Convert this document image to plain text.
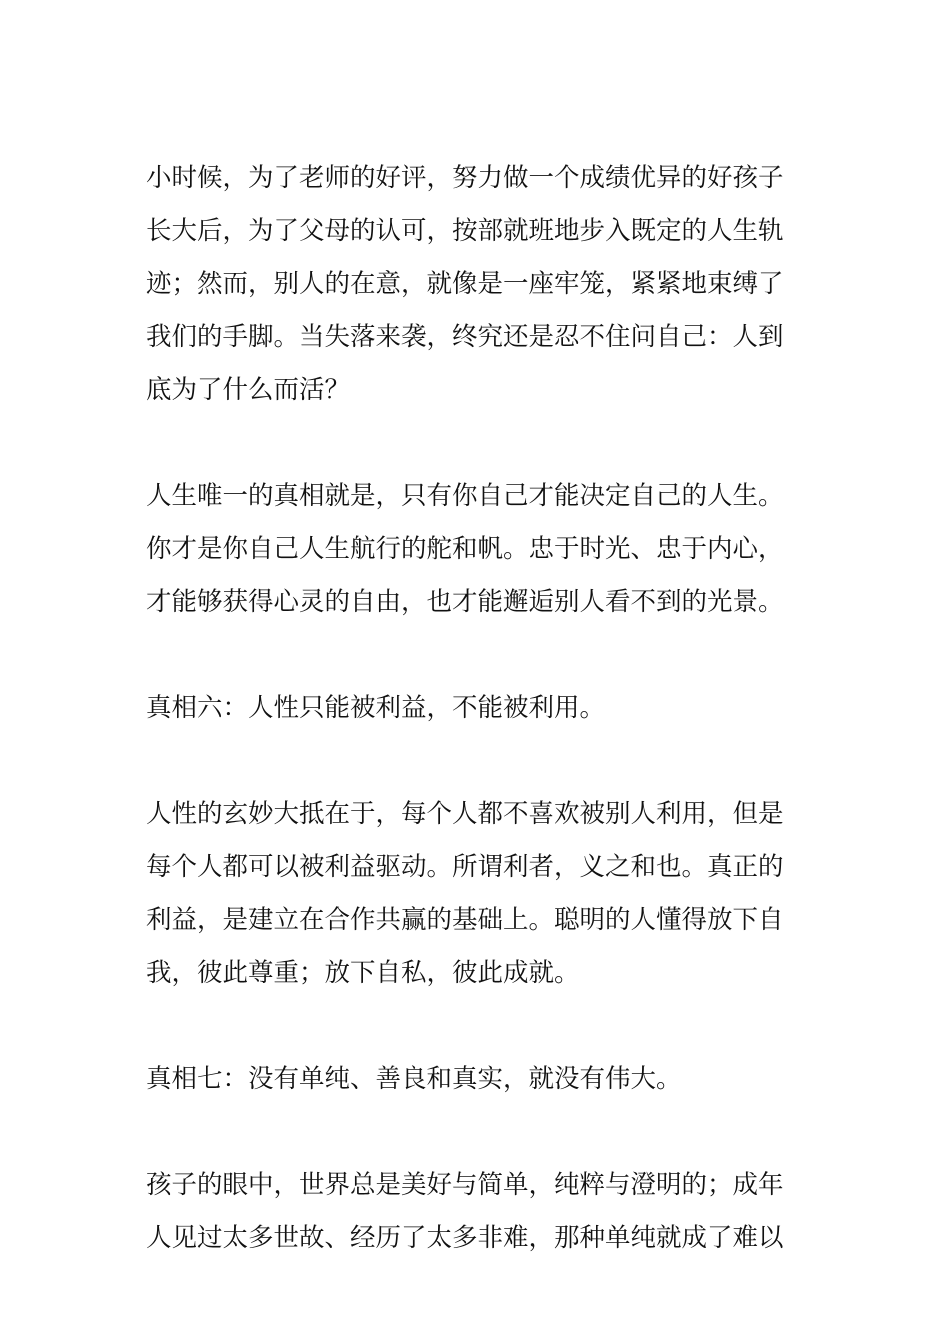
小时候，为了老师的好评，努力做一个成绩优异的好孩子
长大后，为了父母的认可，按部就班地步入既定的人生轨
迹；然而，别人的在意，就像是一座牢笼，紧紧地束缚了
我们的手脚。当失落来袭，终究还是忍不住问自己：人到
底为了什么而活？
人生唯一的真相就是，只有你自己才能决定自己的人生。
你才是你自己人生航行的舵和帆。忠于时光、忠于内心，
才能够获得心灵的自由，也才能邂逅别人看不到的光景。
真相六：人性只能被利益，不能被利用。
人性的玄妙大抵在于，每个人都不喜欢被别人利用，但是
每个人都可以被利益驱动。所谓利者，义之和也。真正的
利益，是建立在合作共赢的基础上。聪明的人懂得放下自
我，彼此尊重；放下自私，彼此成就。
真相七：没有单纯、善良和真实，就没有伟大。
孩子的眼中，世界总是美好与简单，纯粹与澄明的；成年
人见过太多世故、经历了太多非难，那种单纯就成了难以
